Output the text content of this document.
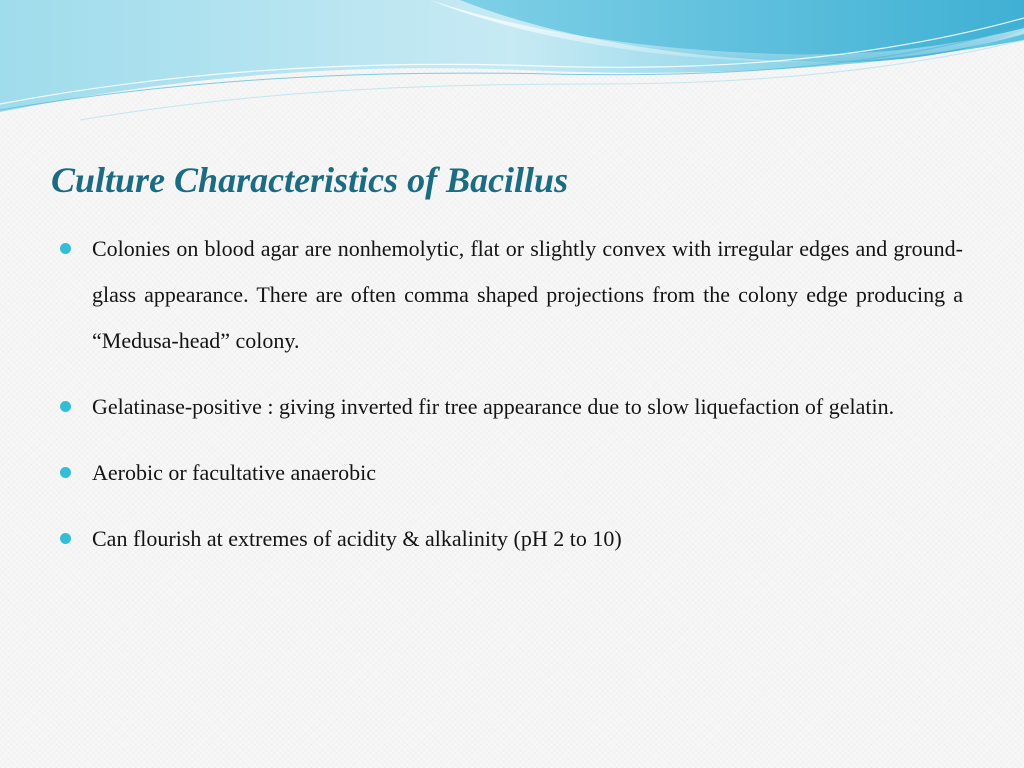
Culture Characteristics of Bacillus
Colonies on blood agar are nonhemolytic, flat or slightly convex with irregular edges and ground-glass appearance. There are often comma shaped projections from the colony edge producing a “Medusa-head” colony.
Gelatinase-positive : giving inverted fir tree appearance due to slow liquefaction of gelatin.
Aerobic or facultative anaerobic
Can flourish at extremes of acidity & alkalinity (pH 2 to 10)
